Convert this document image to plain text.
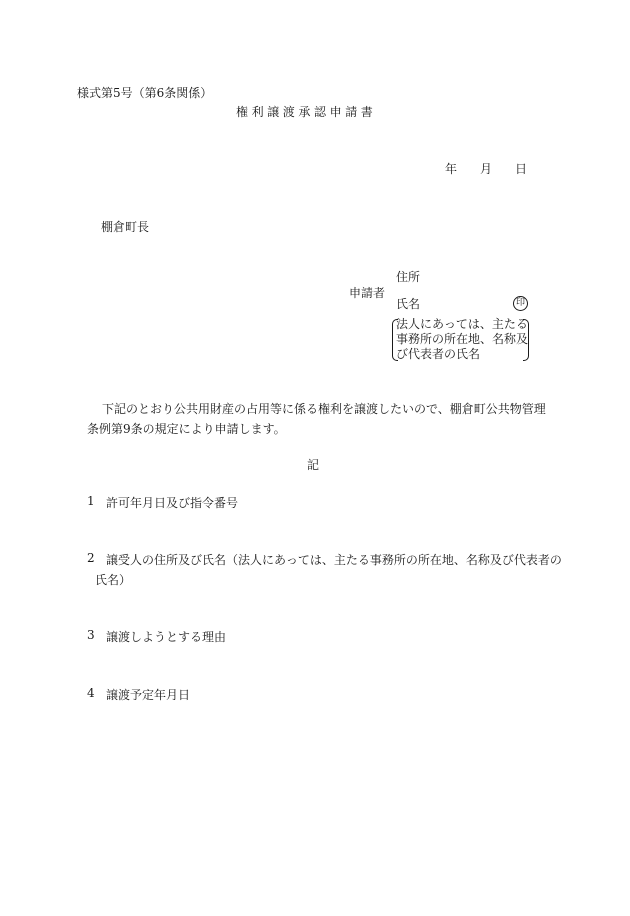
様式第5号（第6条関係）
権利譲渡承認申請書
年 月 日
棚倉町長
申請者
住所
氏名	印
法人にあっては、主たる
事務所の所在地、名称及
び代表者の氏名
下記のとおり公共用財産の占用等に係る権利を譲渡したいので、棚倉町公共物管理条例第9条の規定により申請します。
記
1 許可年月日及び指令番号
2 譲受人の住所及び氏名（法人にあっては、主たる事務所の所在地、名称及び代表者の
氏名）
3 譲渡しようとする理由
4 譲渡予定年月日
